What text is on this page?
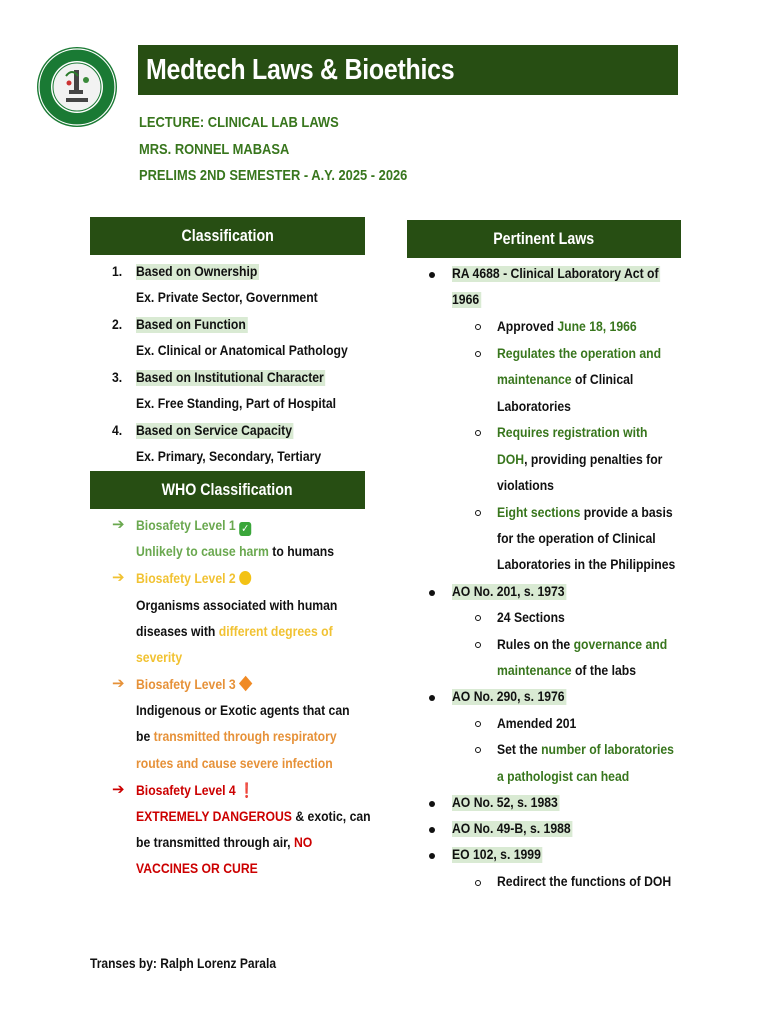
Medtech Laws & Bioethics
LECTURE: CLINICAL LAB LAWS
MRS. RONNEL MABASA
PRELIMS 2ND SEMESTER - A.Y. 2025 - 2026
Classification
1. Based on Ownership
Ex. Private Sector, Government
2. Based on Function
Ex. Clinical or Anatomical Pathology
3. Based on Institutional Character
Ex. Free Standing, Part of Hospital
4. Based on Service Capacity
Ex. Primary, Secondary, Tertiary
WHO Classification
➔ Biosafety Level 1 ✓
Unlikely to cause harm to humans
➔ Biosafety Level 2
Organisms associated with human
diseases with different degrees of
severity
➔ Biosafety Level 3
Indigenous or Exotic agents that can
be transmitted through respiratory
routes and cause severe infection
➔ Biosafety Level 4 ❗
EXTREMELY DANGEROUS & exotic, can
be transmitted through air, NO
VACCINES OR CURE
Pertinent Laws
RA 4688 - Clinical Laboratory Act of
1966
Approved June 18, 1966
Regulates the operation and
maintenance of Clinical
Laboratories
Requires registration with
DOH, providing penalties for
violations
Eight sections provide a basis
for the operation of Clinical
Laboratories in the Philippines
AO No. 201, s. 1973
24 Sections
Rules on the governance and
maintenance of the labs
AO No. 290, s. 1976
Amended 201
Set the number of laboratories
a pathologist can head
AO No. 52, s. 1983
AO No. 49-B, s. 1988
EO 102, s. 1999
Redirect the functions of DOH
Transes by: Ralph Lorenz Parala
